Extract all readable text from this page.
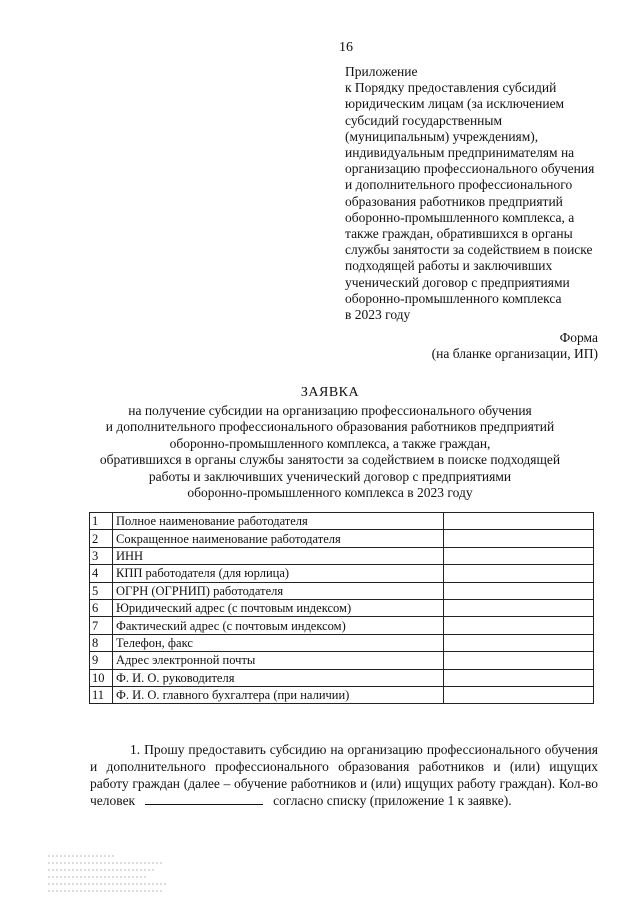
16
Приложение
к Порядку предоставления субсидий
юридическим лицам (за исключением
субсидий государственным
(муниципальным) учреждениям),
индивидуальным предпринимателям на
организацию профессионального обучения
и дополнительного профессионального
образования работников предприятий
оборонно-промышленного комплекса, а
также граждан, обратившихся в органы
службы занятости за содействием в поиске
подходящей работы и заключивших
ученический договор с предприятиями
оборонно-промышленного комплекса
в 2023 году
Форма
(на бланке организации, ИП)
ЗАЯВКА
на получение субсидии на организацию профессионального обучения
и дополнительного профессионального образования работников предприятий
оборонно-промышленного комплекса, а также граждан,
обратившихся в органы службы занятости за содействием в поиске подходящей
работы и заключивших ученический договор с предприятиями
оборонно-промышленного комплекса в 2023 году
1	Полное наименование работодателя	
2	Сокращенное наименование работодателя	
3	ИНН	
4	КПП работодателя (для юрлица)	
5	ОГРН (ОГРНИП) работодателя	
6	Юридический адрес (с почтовым индексом)	
7	Фактический адрес (с почтовым индексом)	
8	Телефон, факс	
9	Адрес электронной почты	
10	Ф. И. О. руководителя	
11	Ф. И. О. главного бухгалтера (при наличии)	
1. Прошу предоставить субсидию на организацию профессионального обучения и дополнительного профессионального образования работников и (или) ищущих работу граждан (далее – обучение работников и (или) ищущих работу граждан). Кол-во человек	согласно списку (приложение 1 к заявке).
